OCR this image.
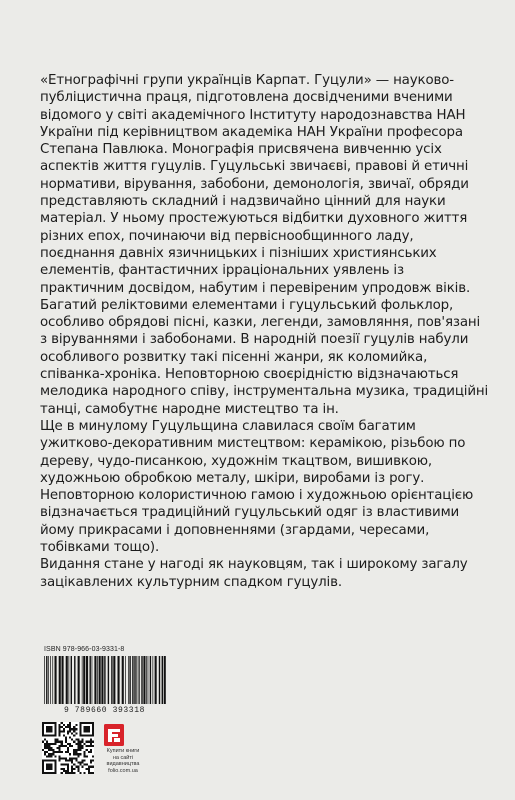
«Етнографічні групи українців Карпат. Гуцули» — науково-публіцистична праця, підготовлена досвідченими вченими відомого у світі академічного Інституту народознавства НАН України під керівництвом академіка НАН України професора Степана Павлюка. Монографія присвячена вивченню усіх аспектів життя гуцулів. Гуцульські звичаєві, правові й етичні нормативи, вірування, забобони, демонологія, звичаї, обряди представляють складний і надзвичайно цінний для науки матеріал. У ньому простежуються відбитки духовного життя різних епох, починаючи від первіснообщинного ладу, поєднання давніх язичницьких і пізніших християнських елементів, фантастичних ірраціональних уявлень із практичним досвідом, набутим і перевіреним упродовж віків.

Багатий реліктовими елементами і гуцульський фольклор, особливо обрядові пісні, казки, легенди, замовляння, пов'язані з віруваннями і забобонами. В народній поезії гуцулів набули особливого розвитку такі пісенні жанри, як коломийка, співанка-хроніка. Неповторною своєрідністю відзначаються мелодика народного співу, інструментальна музика, традиційні танці, самобутнє народне мистецтво та ін.

Ще в минулому Гуцульщина славилася своїм багатим ужитково-декоративним мистецтвом: керамікою, різьбою по дереву, чудо-писанкою, художнім ткацтвом, вишивкою, художньою обробкою металу, шкіри, виробами із рогу. Неповторною колористичною гамою і художньою орієнтацією відзначається традиційний гуцульський одяг із властивими йому прикрасами і доповненнями (згардами, чересами, тобівками тощо).

Видання стане у нагоді як науковцям, так і широкому загалу зацікавлених культурним спадком гуцулів.

ISBN 978-966-03-9331-8
9 789660 393318
Купити книги
на сайті
видавництва
folio.com.ua
